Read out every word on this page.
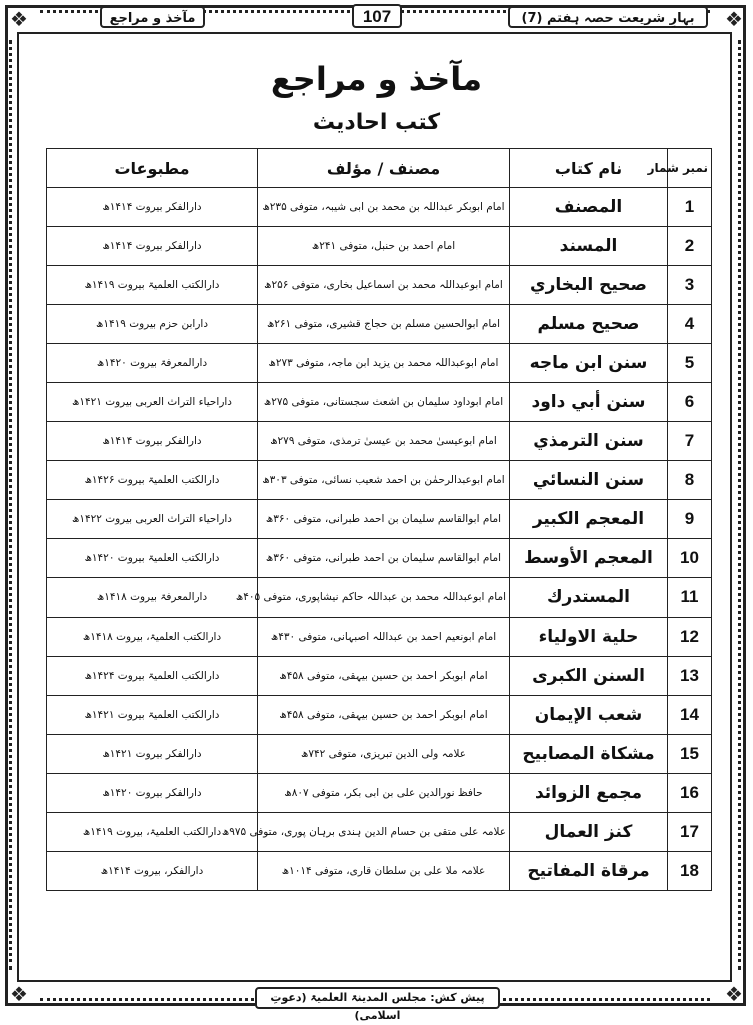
❖	❖
❖	❖
بہارِ شریعت حصہ ہفتم (7)
107
مآخذ و مراجع
مآخذ و مراجع
کتب احادیث
نمبر شمار	نام کتاب	مصنف / مؤلف	مطبوعات
1	المصنف	امام ابوبکر عبداللہ بن محمد بن ابی شیبہ، متوفی ۲۳۵ھ	دارالفکر بیروت ۱۴۱۴ھ
2	المسند	امام احمد بن حنبل، متوفی ۲۴۱ھ	دارالفکر بیروت ۱۴۱۴ھ
3	صحيح البخاري	امام ابوعبداللہ محمد بن اسماعیل بخاری، متوفی ۲۵۶ھ	دارالکتب العلمیۃ بیروت ۱۴۱۹ھ
4	صحيح مسلم	امام ابوالحسین مسلم بن حجاج قشیری، متوفی ۲۶۱ھ	دارابن حزم بیروت ۱۴۱۹ھ
5	سنن ابن ماجه	امام ابوعبداللہ محمد بن یزید ابن ماجہ، متوفی ۲۷۳ھ	دارالمعرفۃ بیروت ۱۴۲۰ھ
6	سنن أبي داود	امام ابوداود سلیمان بن اشعث سجستانی، متوفی ۲۷۵ھ	داراحیاء التراث العربی بیروت ۱۴۲۱ھ
7	سنن الترمذي	امام ابوعیسیٰ محمد بن عیسیٰ ترمذی، متوفی ۲۷۹ھ	دارالفکر بیروت ۱۴۱۴ھ
8	سنن النسائي	امام ابوعبدالرحمٰن بن احمد شعیب نسائی، متوفی ۳۰۳ھ	دارالکتب العلمیۃ بیروت ۱۴۲۶ھ
9	المعجم الكبير	امام ابوالقاسم سلیمان بن احمد طبرانی، متوفی ۳۶۰ھ	داراحیاء التراث العربی بیروت ۱۴۲۲ھ
10	المعجم الأوسط	امام ابوالقاسم سلیمان بن احمد طبرانی، متوفی ۳۶۰ھ	دارالکتب العلمیۃ بیروت ۱۴۲۰ھ
11	المستدرك	امام ابوعبداللہ محمد بن عبداللہ حاکم نیشاپوری، متوفی ۴۰۵ھ	دارالمعرفۃ بیروت ۱۴۱۸ھ
12	حلية الاولياء	امام ابونعیم احمد بن عبداللہ اصبہانی، متوفی ۴۳۰ھ	دارالکتب العلمیۃ، بیروت ۱۴۱۸ھ
13	السنن الكبرى	امام ابوبکر احمد بن حسین بیہقی، متوفی ۴۵۸ھ	دارالکتب العلمیۃ بیروت ۱۴۲۴ھ
14	شعب الإيمان	امام ابوبکر احمد بن حسین بیہقی، متوفی ۴۵۸ھ	دارالکتب العلمیۃ بیروت ۱۴۲۱ھ
15	مشكاة المصابيح	علامہ ولی الدین تبریزی، متوفی ۷۴۲ھ	دارالفکر بیروت ۱۴۲۱ھ
16	مجمع الزوائد	حافظ نورالدین علی بن ابی بکر، متوفی ۸۰۷ھ	دارالفکر بیروت ۱۴۲۰ھ
17	كنز العمال	علامہ علی متقی بن حسام الدین ہندی برہان پوری، متوفی ۹۷۵ھ	دارالکتب العلمیۃ، بیروت ۱۴۱۹ھ
18	مرقاة المفاتيح	علامہ ملا علی بن سلطان قاری، متوفی ۱۰۱۴ھ	دارالفکر، بیروت ۱۴۱۴ھ
پیش کش: مجلس المدینۃ العلمیۃ (دعوتِ اسلامی)
